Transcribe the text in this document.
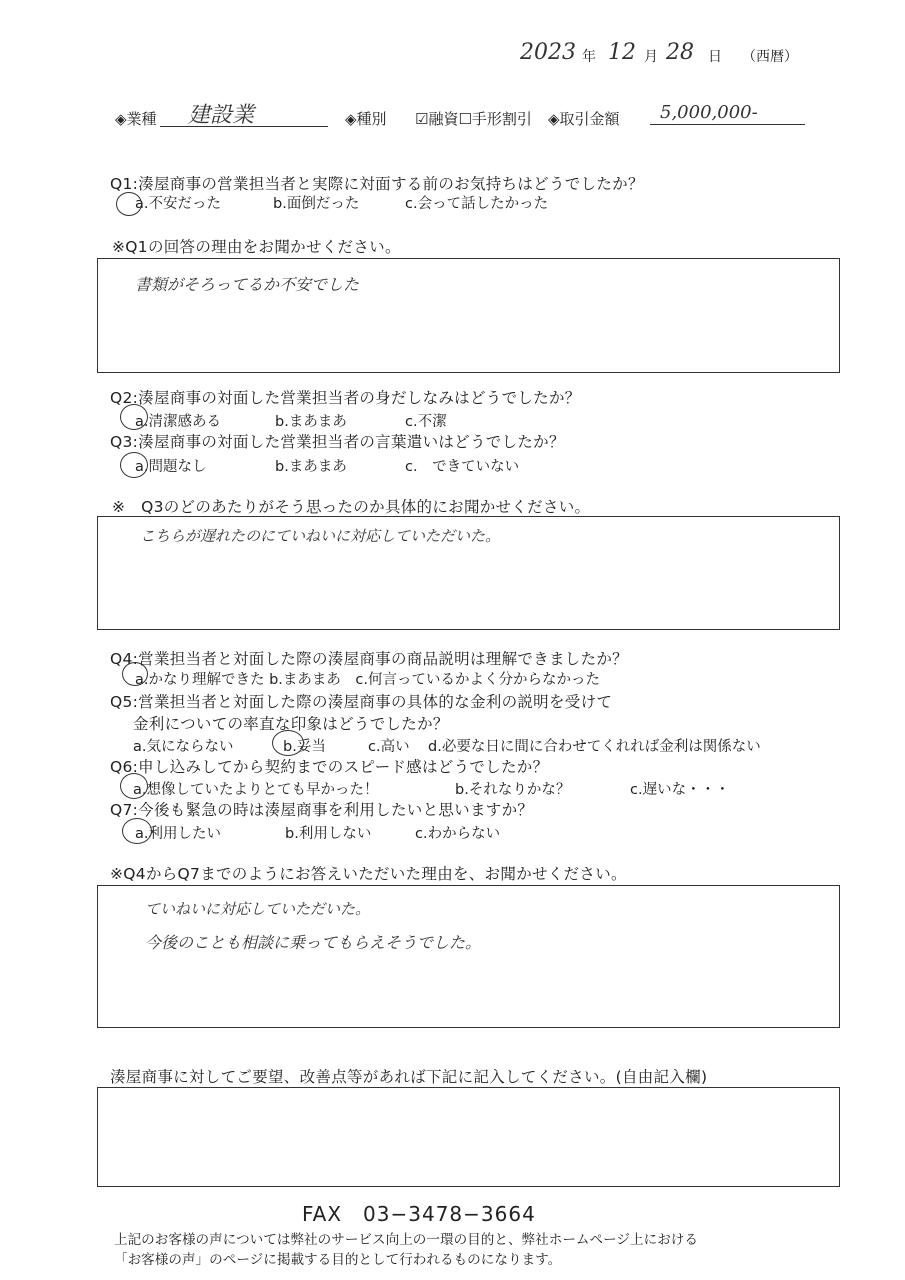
2023 年 12 月 28 日 （西暦）
◈業種 建設業	◈種別 ☑融資☐手形割引 ◈取引金額 5,000,000-
Q1:湊屋商事の営業担当者と実際に対面する前のお気持ちはどうでしたか？
a.不安だった	b.面倒だった	c.会って話したかった
※Q1の回答の理由をお聞かせください。
書類がそろってるか不安でした
Q2:湊屋商事の対面した営業担当者の身だしなみはどうでしたか？
a.清潔感ある	b.まあまあ	c.不潔
Q3:湊屋商事の対面した営業担当者の言葉遣いはどうでしたか？
a.問題なし	b.まあまあ	c.　できていない
※　Q3のどのあたりがそう思ったのか具体的にお聞かせください。
こちらが遅れたのにていねいに対応していただいた。
Q4:営業担当者と対面した際の湊屋商事の商品説明は理解できましたか？
a.かなり理解できた b.まあまあ　c.何言っているかよく分からなかった
Q5:営業担当者と対面した際の湊屋商事の具体的な金利の説明を受けて
金利についての率直な印象はどうでしたか？
a.気にならない	b.妥当	c.高い d.必要な日に間に合わせてくれれば金利は関係ない
Q6:申し込みしてから契約までのスピード感はどうでしたか？
a.想像していたよりとても早かった！	b.それなりかな？	c.遅いな・・・
Q7:今後も緊急の時は湊屋商事を利用したいと思いますか？
a.利用したい	b.利用しない	c.わからない
※Q4からQ7までのようにお答えいただいた理由を、お聞かせください。
ていねいに対応していただいた。
今後のことも相談に乗ってもらえそうでした。
湊屋商事に対してご要望、改善点等があれば下記に記入してください。(自由記入欄)
FAX　03−3478−3664
上記のお客様の声については弊社のサービス向上の一環の目的と、弊社ホームページ上における
「お客様の声」のページに掲載する目的として行われるものになります。
